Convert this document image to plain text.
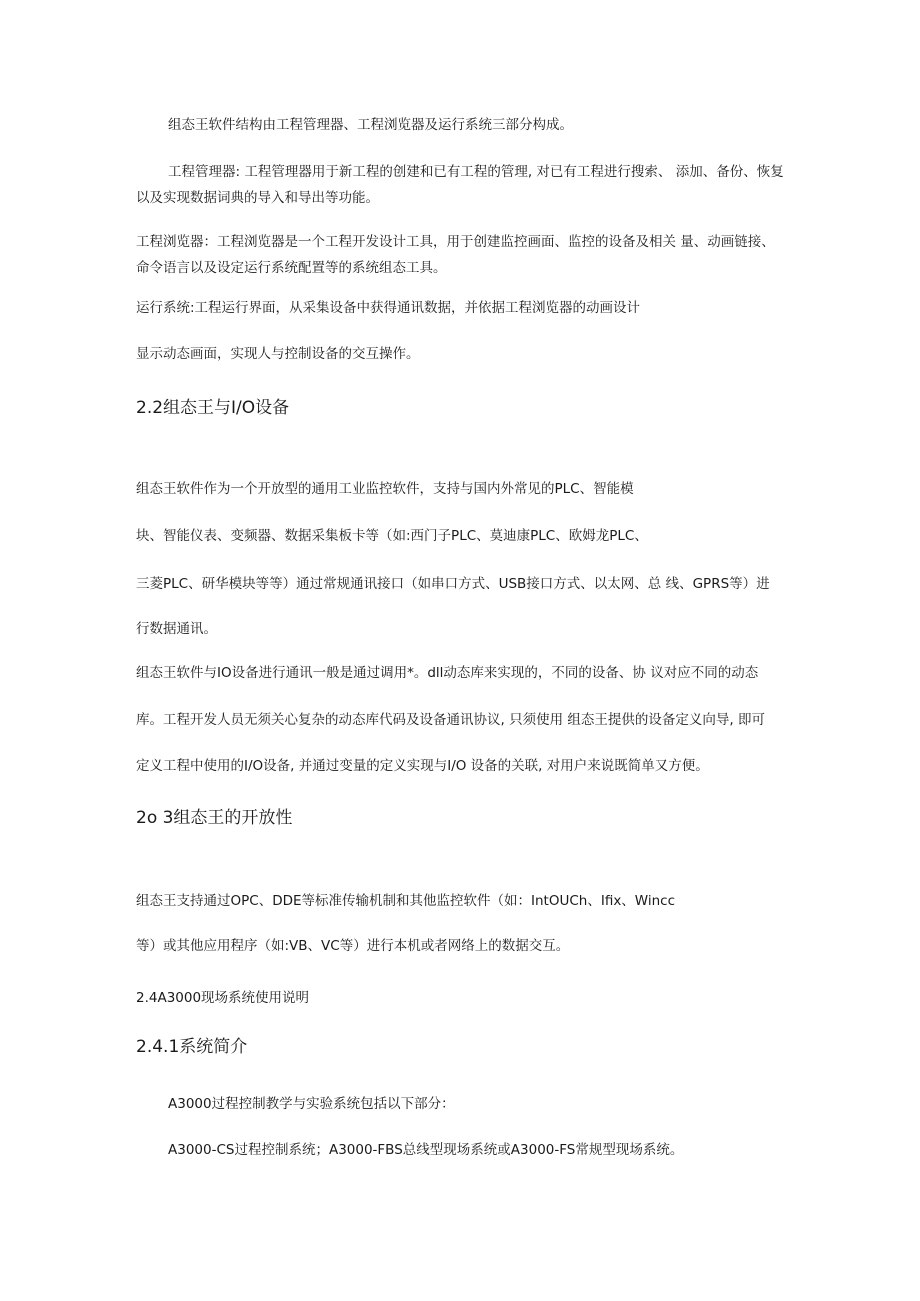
组态王软件结构由工程管理器、工程浏览器及运行系统三部分构成。

工程管理器: 工程管理器用于新工程的创建和已有工程的管理, 对已有工程进行搜索、 添加、备份、恢复以及实现数据词典的导入和导出等功能。

工程浏览器：工程浏览器是一个工程开发设计工具，用于创建监控画面、监控的设备及相关 量、动画链接、命令语言以及设定运行系统配置等的系统组态工具。

运行系统:工程运行界面，从采集设备中获得通讯数据，并依据工程浏览器的动画设计

显示动态画面，实现人与控制设备的交互操作。

2.2组态王与I/O设备

组态王软件作为一个开放型的通用工业监控软件，支持与国内外常见的PLC、智能模

块、智能仪表、变频器、数据采集板卡等（如:西门子PLC、莫迪康PLC、欧姆龙PLC、

三菱PLC、研华模块等等）通过常规通讯接口（如串口方式、USB接口方式、以太网、总 线、GPRS等）进

行数据通讯。

组态王软件与IO设备进行通讯一般是通过调用*。dll动态库来实现的，不同的设备、协 议对应不同的动态

库。工程开发人员无须关心复杂的动态库代码及设备通讯协议, 只须使用 组态王提供的设备定义向导, 即可

定义工程中使用的I/O设备, 并通过变量的定义实现与I/O 设备的关联, 对用户来说既简单又方便。

2o 3组态王的开放性

组态王支持通过OPC、DDE等标准传输机制和其他监控软件（如：IntOUCh、Ifix、Wincc

等）或其他应用程序（如:VB、VC等）进行本机或者网络上的数据交互。

2.4A3000现场系统使用说明
2.4.1系统简介

A3000过程控制教学与实验系统包括以下部分：

A3000-CS过程控制系统；A3000-FBS总线型现场系统或A3000-FS常规型现场系统。
